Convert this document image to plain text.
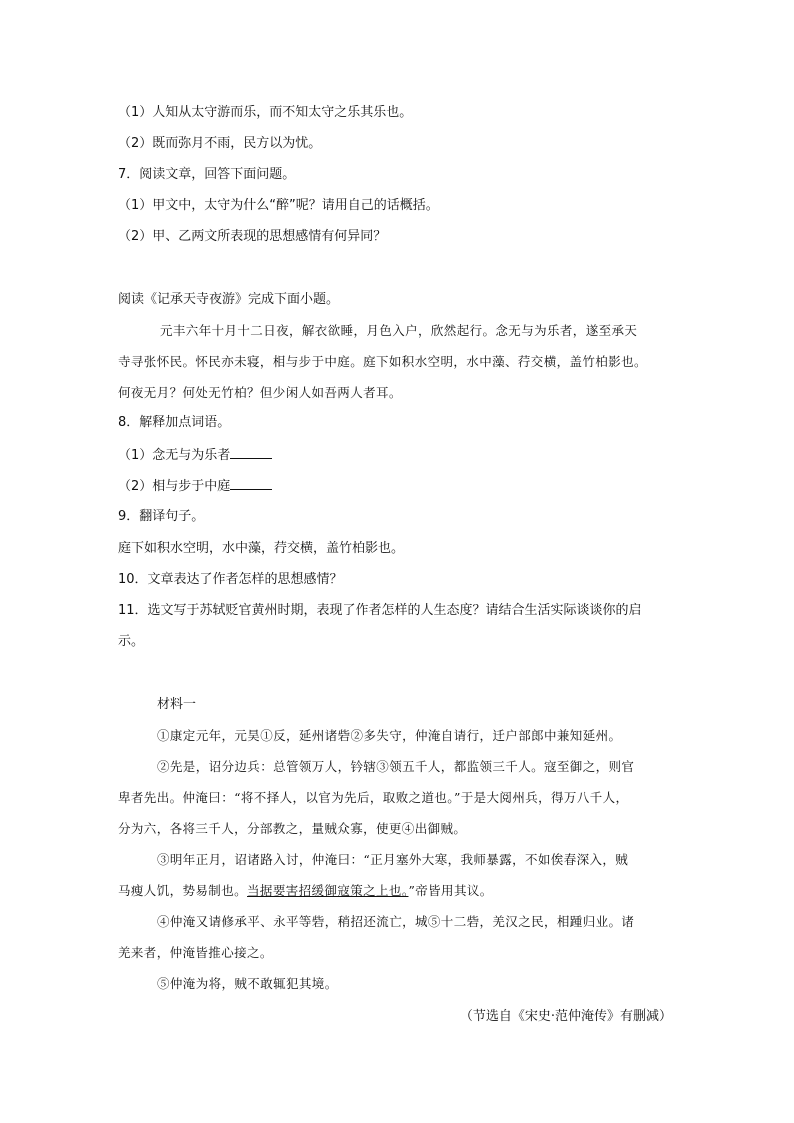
（1）人知从太守游而乐，而不知太守之乐其乐也。
（2）既而弥月不雨，民方以为忧。
7．阅读文章，回答下面问题。
（1）甲文中，太守为什么“醉”呢？请用自己的话概括。
（2）甲、乙两文所表现的思想感情有何异同？
阅读《记承天寺夜游》完成下面小题。
元丰六年十月十二日夜，解衣欲睡，月色入户，欣然起行。念无与为乐者，遂至承天
寺寻张怀民。怀民亦未寝，相与步于中庭。庭下如积水空明，水中藻、荇交横，盖竹柏影也。
何夜无月？何处无竹柏？但少闲人如吾两人者耳。
8．解释加点词语。
（1）念无与为乐者
（2）相与步于中庭
9．翻译句子。
庭下如积水空明，水中藻，荇交横，盖竹柏影也。
10．文章表达了作者怎样的思想感情？
11．选文写于苏轼贬官黄州时期，表现了作者怎样的人生态度？请结合生活实际谈谈你的启
示。
材料一
①康定元年，元昊①反，延州诸砦②多失守，仲淹自请行，迁户部郎中兼知延州。
②先是，诏分边兵：总管领万人，钤辖③领五千人，都监领三千人。寇至御之，则官
卑者先出。仲淹曰：“将不择人，以官为先后，取败之道也。”于是大阅州兵，得万八千人，
分为六，各将三千人，分部教之，量贼众寡，使更④出御贼。
③明年正月，诏诸路入讨，仲淹曰：“正月塞外大寒，我师暴露，不如俟春深入，贼
马瘦人饥，势易制也。当据要害招缓御寇策之上也。”帝皆用其议。
④仲淹又请修承平、永平等砦，稍招还流亡，城⑤十二砦，羌汉之民，相踵归业。诸
羌来者，仲淹皆推心接之。
⑤仲淹为将，贼不敢辄犯其境。
（节选自《宋史·范仲淹传》有删减）
